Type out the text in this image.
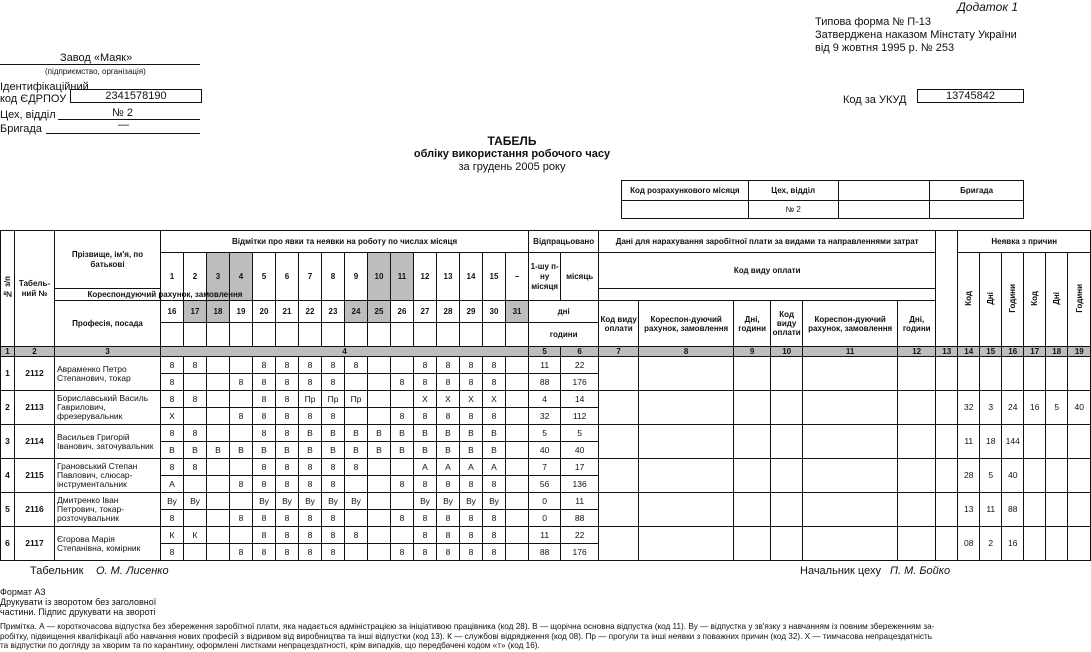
Додаток 1
Типова форма № П-13
Затверджена наказом Мінстату України
від 9 жовтня 1995 р. № 253
Завод «Маяк»
(підприємство, організація)
Ідентифікаційний
код ЄДРПОУ	2341578190
Цех, відділ	№ 2
Бригада	—
Код за УКУД	13745842
ТАБЕЛЬ
обліку використання робочого часу
за грудень 2005 року
Код розрахункового місяця	Цех, відділ		Бригада
	№ 2		
№ з/п	Табель-ний №	Прізвище, ім'я, по батькові	Відмітки про явки та неявки на роботу по числах місяця																Відпрацьовано		Дані для нарахування заробітної плати за видами та направленнями затрат							Неявка з причин					
			1	2	3	4	5	6	7	8	9	10	11	12	13	14	15	–	1-шу п-ну місяця	місяць	Код виду оплати							Код	Дні	Години	Код	Дні	Години
		Кореспондуючий рахунок, замовлення																															
		Професія, посада	16	17	18	19	20	21	22	23	24	25	26	27	28	29	30	31	дні		Код виду оплати	Кореспон-дуючий рахунок, замовлення	Дні, години	Код виду оплати	Кореспон-дуючий рахунок, замовлення	Дні, години							
																			години														
1	2	3	4																5	6	7	8	9	10	11	12	13	14	15	16	17	18	19
1	2112	Авраменко Петро Степанович, токар	8	8			8	8	8	8	8			8	8	8	8		11	22													
			8			8	8	8	8	8			8	8	8	8	8		88	176													
2	2113	Бориславський Василь Гаврилович, фрезерувальник	8	8			8	8	Пр	Пр	Пр			Х	Х	Х	Х		4	14								32	3	24	16	5	40
			Х			8	8	8	8	8			8	8	8	8	8		32	112													
3	2114	Васильєв Григорій Іванович, заточувальник	8	8			8	8	В	В	В	В	В	В	В	В	В		5	5								11	18	144			
			В	В	В	В	В	В	В	В	В	В	В	В	В	В	В		40	40													
4	2115	Грановський Степан Павлович, слюсар-інструментальник	8	8			8	8	8	8	8			А	А	А	А		7	17								28	5	40			
			А			8	8	8	8	8			8	8	8	8	8		56	136													
5	2116	Дмитренко Іван Петрович, токар-розточувальник	Ву	Ву			Ву	Ву	Ву	Ву	Ву			Ву	Ву	Ву	Ву		0	11								13	11	88			
			8			8	8	8	8	8			8	8	8	8	8		0	88													
6	2117	Єгорова Марія Степанівна, комірник	К	К			8	8	8	8	8			8	8	8	8		11	22								08	2	16			
			8			8	8	8	8	8			8	8	8	8	8		88	176													
Табельник О. М. Лисенко	Начальник цеху П. М. Бойко
Формат А3
Друкувати із зворотом без заголовної
частини. Підпис друкувати на звороті
Примітка. А — короткочасова відпустка без збереження заробітної плати, яка надається адміністрацією за ініціативою працівника (код 28). В — щорічна основна відпустка (код 11). Ву — відпустка у зв'язку з навчанням із повним збереженням за-
робітку, підвищення кваліфікації або навчання нових професій з відривом від виробництва та інші відпустки (код 13). К — службові відрядження (код 08). Пр — прогули та інші неявки з поважних причин (код 32). Х — тимчасова непрацездатність
та відпустки по догляду за хворим та по карантину, оформлені листками непрацездатності, крім випадків, що передбачені кодом «т» (код 16).
